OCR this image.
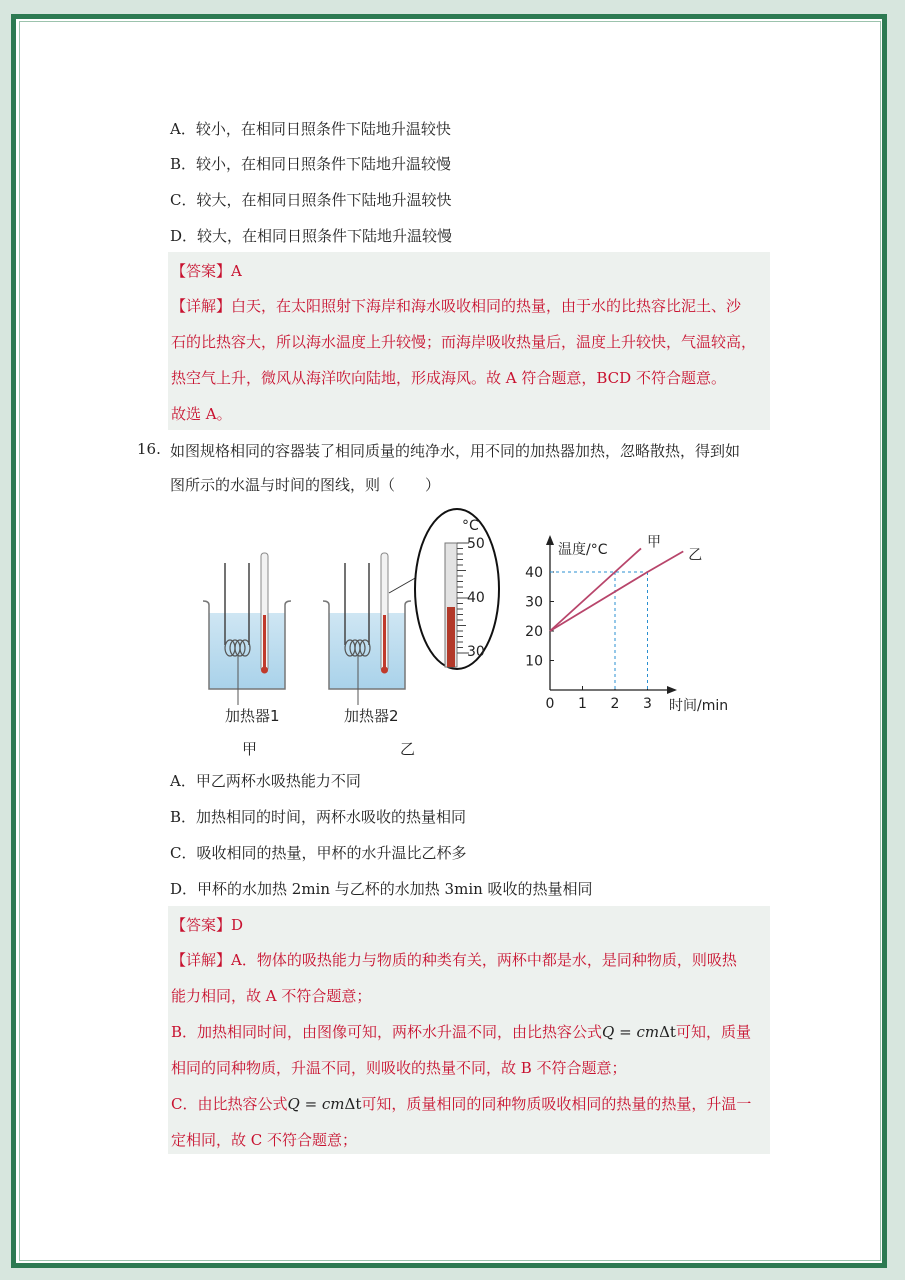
A．较小，在相同日照条件下陆地升温较快
B．较小，在相同日照条件下陆地升温较慢
C．较大，在相同日照条件下陆地升温较快
D．较大，在相同日照条件下陆地升温较慢

【答案】A

【详解】白天，在太阳照射下海岸和海水吸收相同的热量，由于水的比热容比泥土、沙

石的比热容大，所以海水温度上升较慢；而海岸吸收热量后，温度上升较快，气温较高，

热空气上升，微风从海洋吹向陆地，形成海风。故 A 符合题意，BCD 不符合题意。

故选 A。

16. 如图规格相同的容器装了相同质量的纯净水，用不同的加热器加热，忽略散热，得到如
图所示的水温与时间的图线，则（　　）
°C
50
40
30
加热器1	加热器2
甲	乙
10
20
30
40
0 1 2 3
温度/°C
时间/min
甲
乙
A．甲乙两杯水吸热能力不同
B．加热相同的时间，两杯水吸收的热量相同
C．吸收相同的热量，甲杯的水升温比乙杯多
D．甲杯的水加热 2min 与乙杯的水加热 3min 吸收的热量相同

【答案】D

【详解】A．物体的吸热能力与物质的种类有关，两杯中都是水，是同种物质，则吸热

能力相同，故 A 不符合题意；

B．加热相同时间，由图像可知，两杯水升温不同，由比热容公式Q = cmΔt可知，质量

相同的同种物质，升温不同，则吸收的热量不同，故 B 不符合题意；

C．由比热容公式Q = cmΔt可知，质量相同的同种物质吸收相同的热量的热量，升温一

定相同，故 C 不符合题意；
